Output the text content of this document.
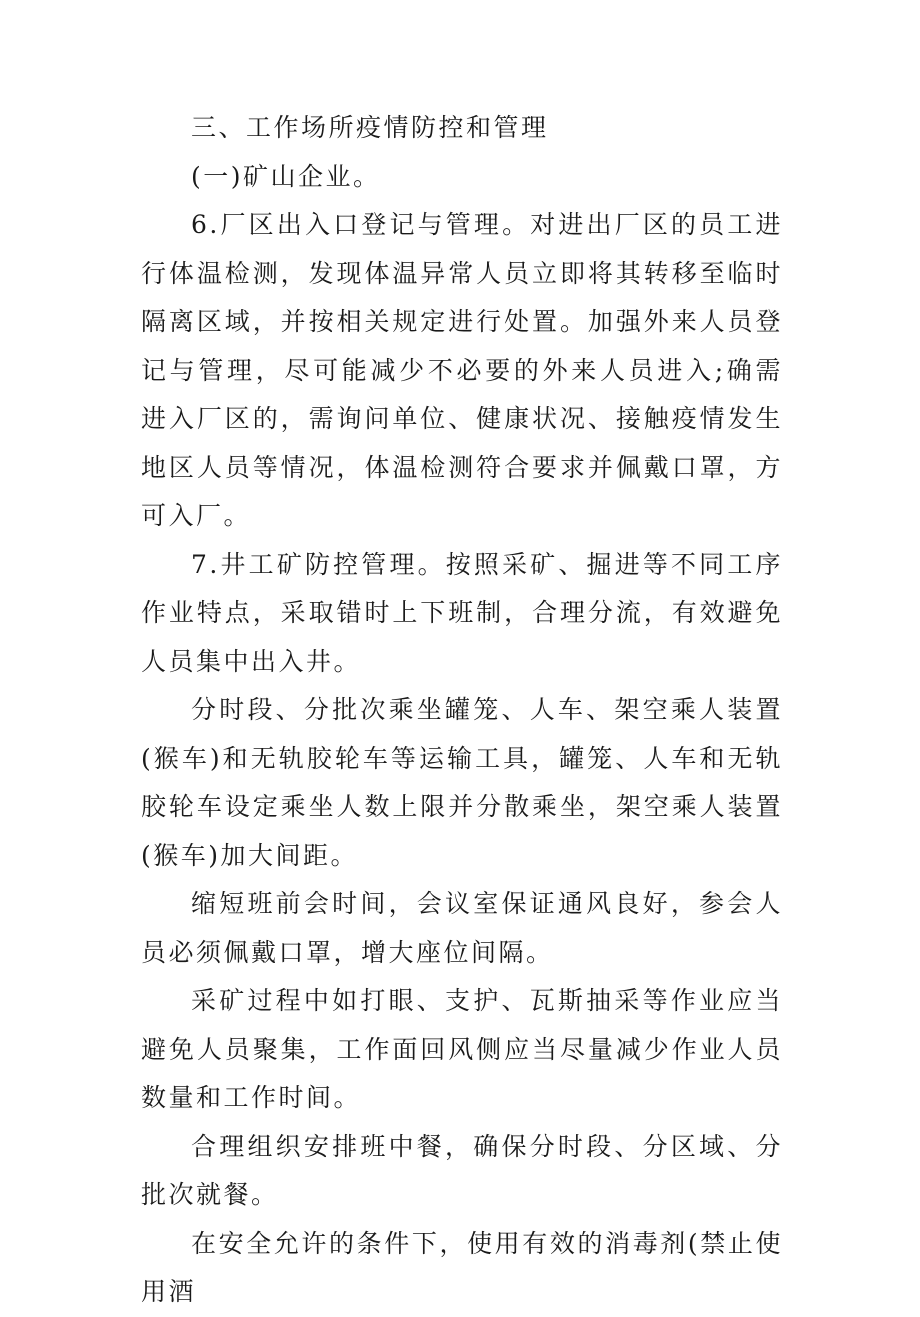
三、工作场所疫情防控和管理

(一)矿山企业。

6.厂区出入口登记与管理。对进出厂区的员工进行体温检测，发现体温异常人员立即将其转移至临时隔离区域，并按相关规定进行处置。加强外来人员登记与管理，尽可能减少不必要的外来人员进入;确需进入厂区的，需询问单位、健康状况、接触疫情发生地区人员等情况，体温检测符合要求并佩戴口罩，方可入厂。

7.井工矿防控管理。按照采矿、掘进等不同工序作业特点，采取错时上下班制，合理分流，有效避免人员集中出入井。

分时段、分批次乘坐罐笼、人车、架空乘人装置(猴车)和无轨胶轮车等运输工具，罐笼、人车和无轨胶轮车设定乘坐人数上限并分散乘坐，架空乘人装置(猴车)加大间距。

缩短班前会时间，会议室保证通风良好，参会人员必须佩戴口罩，增大座位间隔。

采矿过程中如打眼、支护、瓦斯抽采等作业应当避免人员聚集，工作面回风侧应当尽量减少作业人员数量和工作时间。

合理组织安排班中餐，确保分时段、分区域、分批次就餐。

在安全允许的条件下，使用有效的消毒剂(禁止使用酒
